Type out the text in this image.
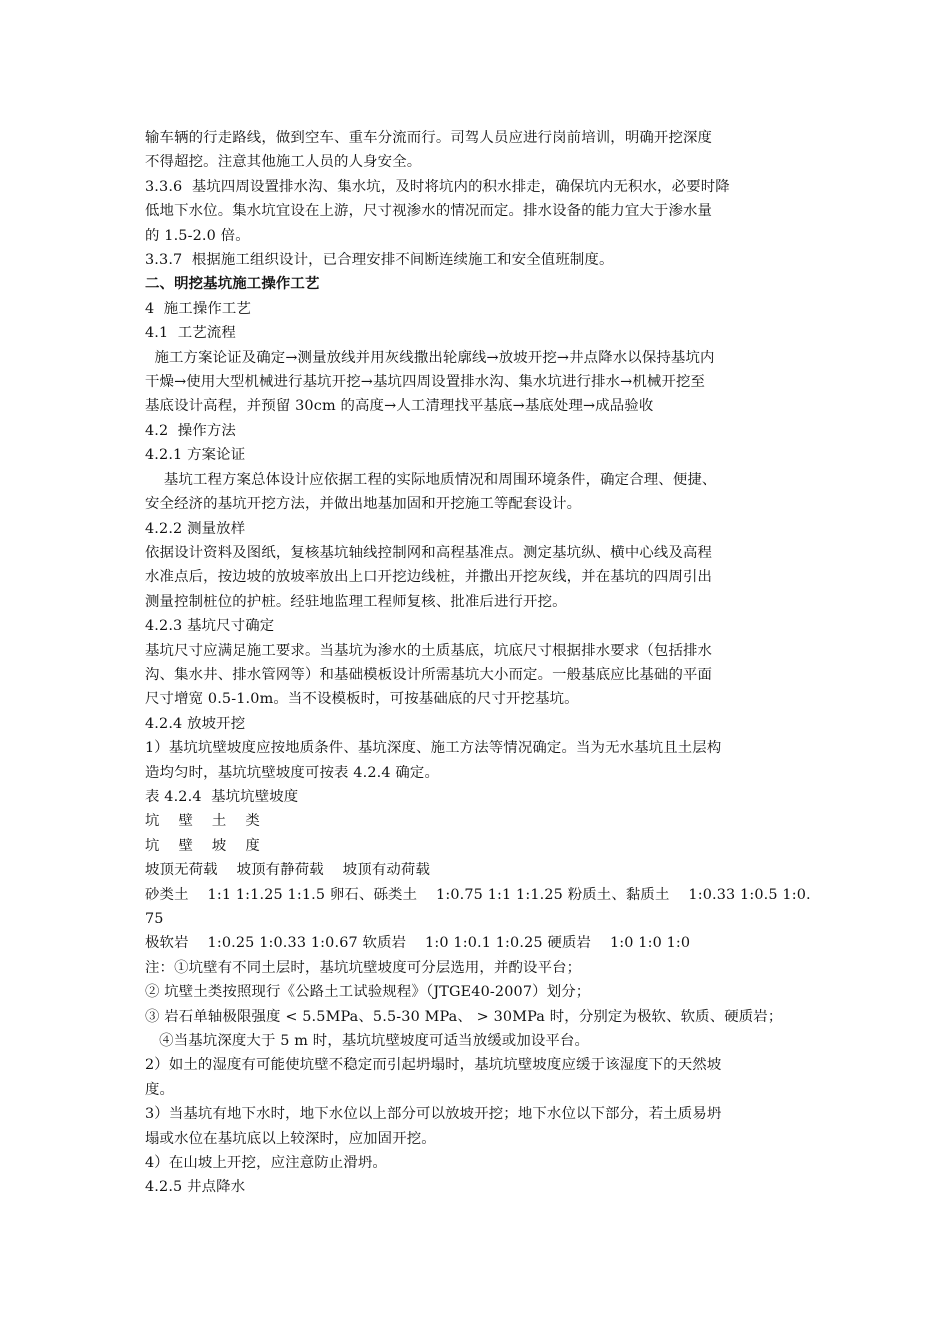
输车辆的行走路线，做到空车、重车分流而行。司驾人员应进行岗前培训，明确开挖深度
不得超挖。注意其他施工人员的人身安全。
3.3.6  基坑四周设置排水沟、集水坑，及时将坑内的积水排走，确保坑内无积水，必要时降
低地下水位。集水坑宜设在上游，尺寸视渗水的情况而定。排水设备的能力宜大于渗水量
的 1.5-2.0 倍。
3.3.7  根据施工组织设计，已合理安排不间断连续施工和安全值班制度。
二、明挖基坑施工操作工艺
4  施工操作工艺
4.1  工艺流程
施工方案论证及确定→测量放线并用灰线撒出轮廓线→放坡开挖→井点降水以保持基坑内
干燥→使用大型机械进行基坑开挖→基坑四周设置排水沟、集水坑进行排水→机械开挖至
基底设计高程，并预留 30cm 的高度→人工清理找平基底→基底处理→成品验收
4.2  操作方法
4.2.1 方案论证
基坑工程方案总体设计应依据工程的实际地质情况和周围环境条件，确定合理、便捷、
安全经济的基坑开挖方法，并做出地基加固和开挖施工等配套设计。
4.2.2 测量放样
依据设计资料及图纸，复核基坑轴线控制网和高程基准点。测定基坑纵、横中心线及高程
水准点后，按边坡的放坡率放出上口开挖边线桩，并撒出开挖灰线，并在基坑的四周引出
测量控制桩位的护桩。经驻地监理工程师复核、批准后进行开挖。
4.2.3 基坑尺寸确定
基坑尺寸应满足施工要求。当基坑为渗水的土质基底，坑底尺寸根据排水要求（包括排水
沟、集水井、排水管网等）和基础模板设计所需基坑大小而定。一般基底应比基础的平面
尺寸增宽 0.5-1.0m。当不设模板时，可按基础底的尺寸开挖基坑。
4.2.4 放坡开挖
1）基坑坑壁坡度应按地质条件、基坑深度、施工方法等情况确定。当为无水基坑且土层构
造均匀时，基坑坑壁坡度可按表 4.2.4 确定。
表 4.2.4  基坑坑壁坡度
坑    壁    土    类
坑    壁    坡    度
坡顶无荷载    坡顶有静荷载    坡顶有动荷载
砂类土    1:1 1:1.25 1:1.5 卵石、砾类土    1:0.75 1:1 1:1.25 粉质土、黏质土    1:0.33 1:0.5 1:0.
75
极软岩    1:0.25 1:0.33 1:0.67 软质岩    1:0 1:0.1 1:0.25 硬质岩    1:0 1:0 1:0
注：①坑壁有不同土层时，基坑坑壁坡度可分层选用，并酌设平台；
② 坑壁土类按照现行《公路土工试验规程》（JTGE40-2007）划分；
③ 岩石单轴极限强度 < 5.5MPa、5.5-30 MPa、 > 30MPa 时，分别定为极软、软质、硬质岩；
④当基坑深度大于 5 m 时，基坑坑壁坡度可适当放缓或加设平台。
2）如土的湿度有可能使坑壁不稳定而引起坍塌时，基坑坑壁坡度应缓于该湿度下的天然坡
度。
3）当基坑有地下水时，地下水位以上部分可以放坡开挖；地下水位以下部分，若土质易坍
塌或水位在基坑底以上较深时，应加固开挖。
4）在山坡上开挖，应注意防止滑坍。
4.2.5 井点降水
